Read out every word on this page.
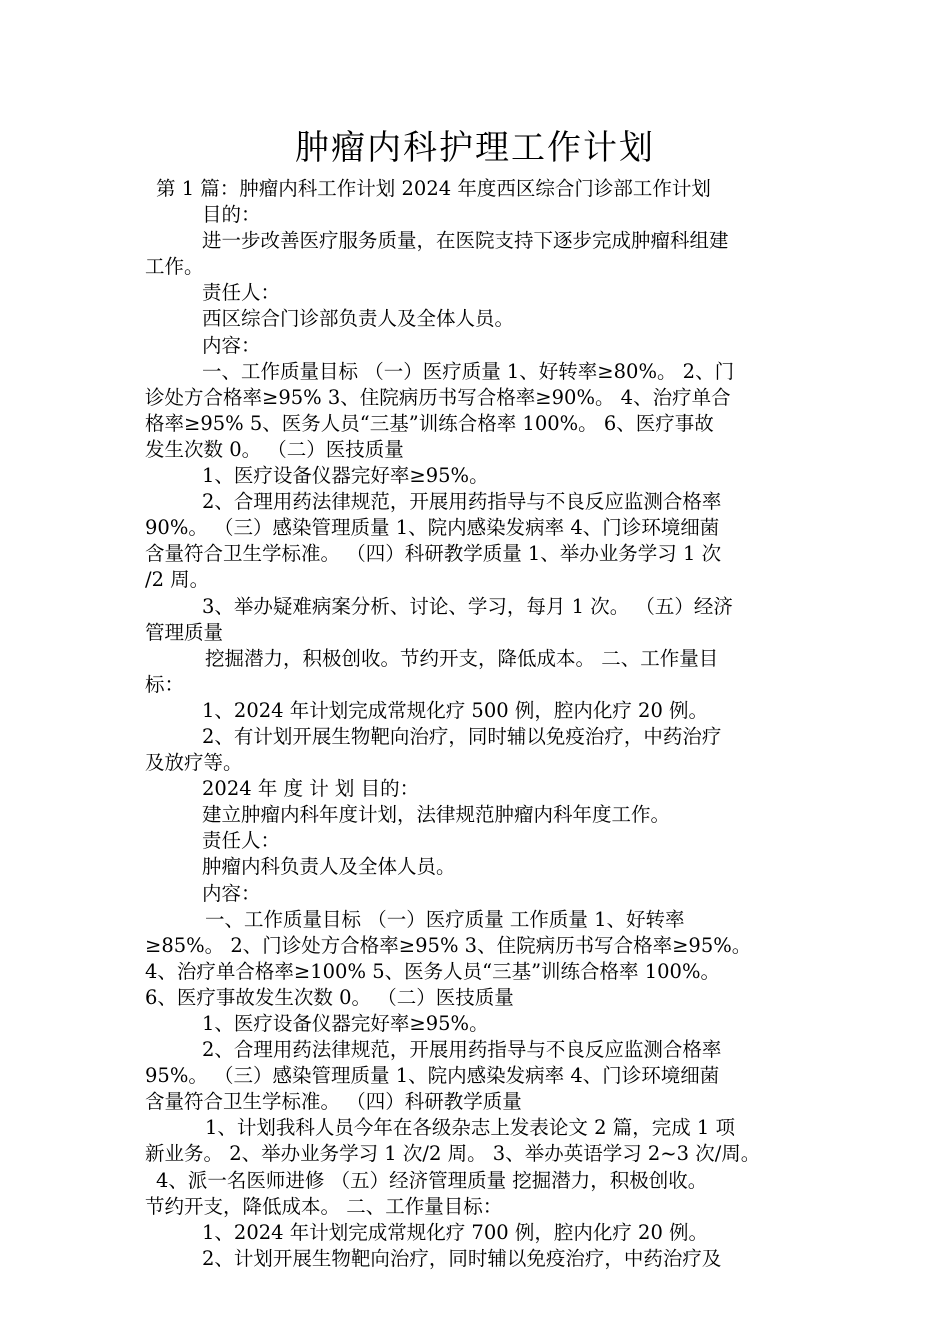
肿瘤内科护理工作计划
第 1 篇：肿瘤内科工作计划 2024 年度西区综合门诊部工作计划
目的：
进一步改善医疗服务质量，在医院支持下逐步完成肿瘤科组建
工作。
责任人：
西区综合门诊部负责人及全体人员。
内容：
一、工作质量目标 （一）医疗质量 1、好转率≥80%。 2、门
诊处方合格率≥95% 3、住院病历书写合格率≥90%。 4、治疗单合
格率≥95% 5、医务人员“三基”训练合格率 100%。 6、医疗事故
发生次数 0。 （二）医技质量
1、医疗设备仪器完好率≥95%。
2、合理用药法律规范，开展用药指导与不良反应监测合格率
90%。 （三）感染管理质量 1、院内感染发病率 4、门诊环境细菌
含量符合卫生学标准。 （四）科研教学质量 1、举办业务学习 1 次
/2 周。
3、举办疑难病案分析、讨论、学习，每月 1 次。 （五）经济
管理质量
挖掘潜力，积极创收。节约开支，降低成本。 二、工作量目
标：
1、2024 年计划完成常规化疗 500 例，腔内化疗 20 例。
2、有计划开展生物靶向治疗，同时辅以免疫治疗，中药治疗
及放疗等。
2024 年 度 计 划 目的：
建立肿瘤内科年度计划，法律规范肿瘤内科年度工作。
责任人：
肿瘤内科负责人及全体人员。
内容：
一、工作质量目标 （一）医疗质量 工作质量 1、好转率
≥85%。 2、门诊处方合格率≥95% 3、住院病历书写合格率≥95%。
4、治疗单合格率≥100% 5、医务人员“三基”训练合格率 100%。
6、医疗事故发生次数 0。 （二）医技质量
1、医疗设备仪器完好率≥95%。
2、合理用药法律规范，开展用药指导与不良反应监测合格率
95%。 （三）感染管理质量 1、院内感染发病率 4、门诊环境细菌
含量符合卫生学标准。 （四）科研教学质量
1、计划我科人员今年在各级杂志上发表论文 2 篇，完成 1 项
新业务。 2、举办业务学习 1 次/2 周。 3、举办英语学习 2~3 次/周。
4、派一名医师进修 （五）经济管理质量 挖掘潜力，积极创收。
节约开支，降低成本。 二、工作量目标：
1、2024 年计划完成常规化疗 700 例，腔内化疗 20 例。
2、计划开展生物靶向治疗，同时辅以免疫治疗，中药治疗及
